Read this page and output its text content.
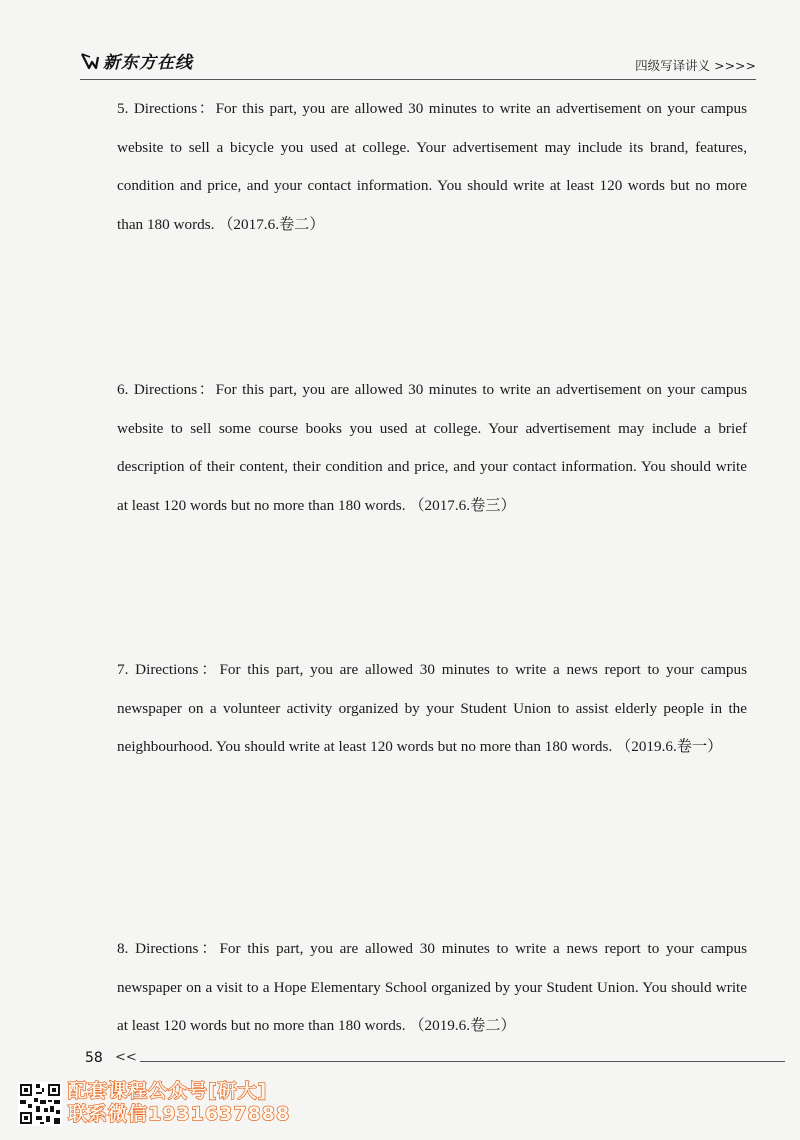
新东方在线	四级写译讲义 >>>>

5. Directions：For this part, you are allowed 30 minutes to write an advertisement on your campus website to sell a bicycle you used at college. Your advertisement may include its brand, features, condition and price, and your contact information. You should write at least 120 words but no more than 180 words. （2017.6.卷二）

6. Directions：For this part, you are allowed 30 minutes to write an advertisement on your campus website to sell some course books you used at college. Your advertisement may include a brief description of their content, their condition and price, and your contact information. You should write at least 120 words but no more than 180 words. （2017.6.卷三）

7. Directions：For this part, you are allowed 30 minutes to write a news report to your campus newspaper on a volunteer activity organized by your Student Union to assist elderly people in the neighbourhood. You should write at least 120 words but no more than 180 words. （2019.6.卷一）

8. Directions：For this part, you are allowed 30 minutes to write a news report to your campus newspaper on a visit to a Hope Elementary School organized by your Student Union. You should write at least 120 words but no more than 180 words. （2019.6.卷二）

58 <<
配套课程公众号[研大]
联系微信1931637888
